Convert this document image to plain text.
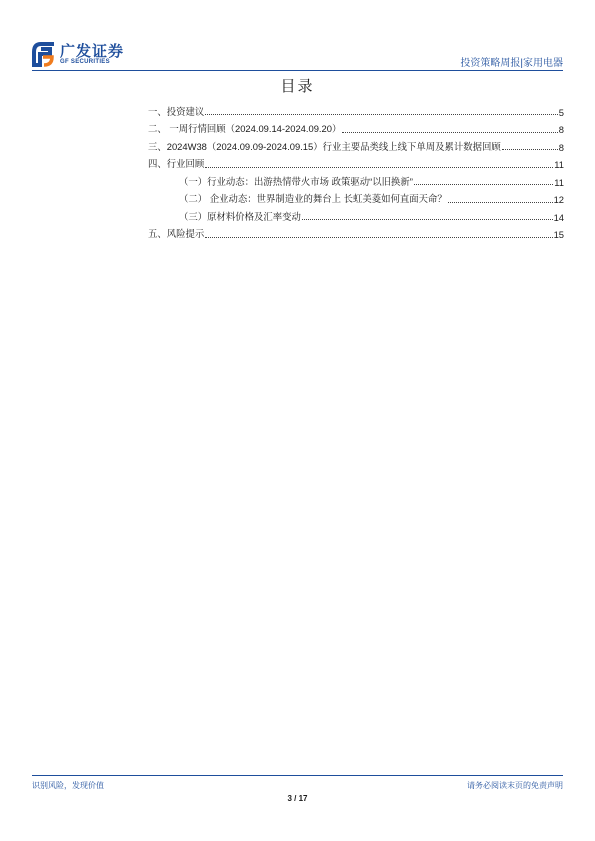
广发证券
GF SECURITIES	投资策略周报|家用电器
目录
一、投资建议	5
二、 一周行情回顾（2024.09.14-2024.09.20）	8
三、2024W38（2024.09.09-2024.09.15）行业主要品类线上线下单周及累计数据回顾	8
四、行业回顾	11
（一）行业动态：出游热情带火市场 政策驱动“以旧换新”	11
（二） 企业动态：世界制造业的舞台上 长虹美菱如何直面天命？	12
（三）原材料价格及汇率变动	14
五、风险提示	15
识别风险，发现价值	请务必阅读末页的免责声明
3 / 17
